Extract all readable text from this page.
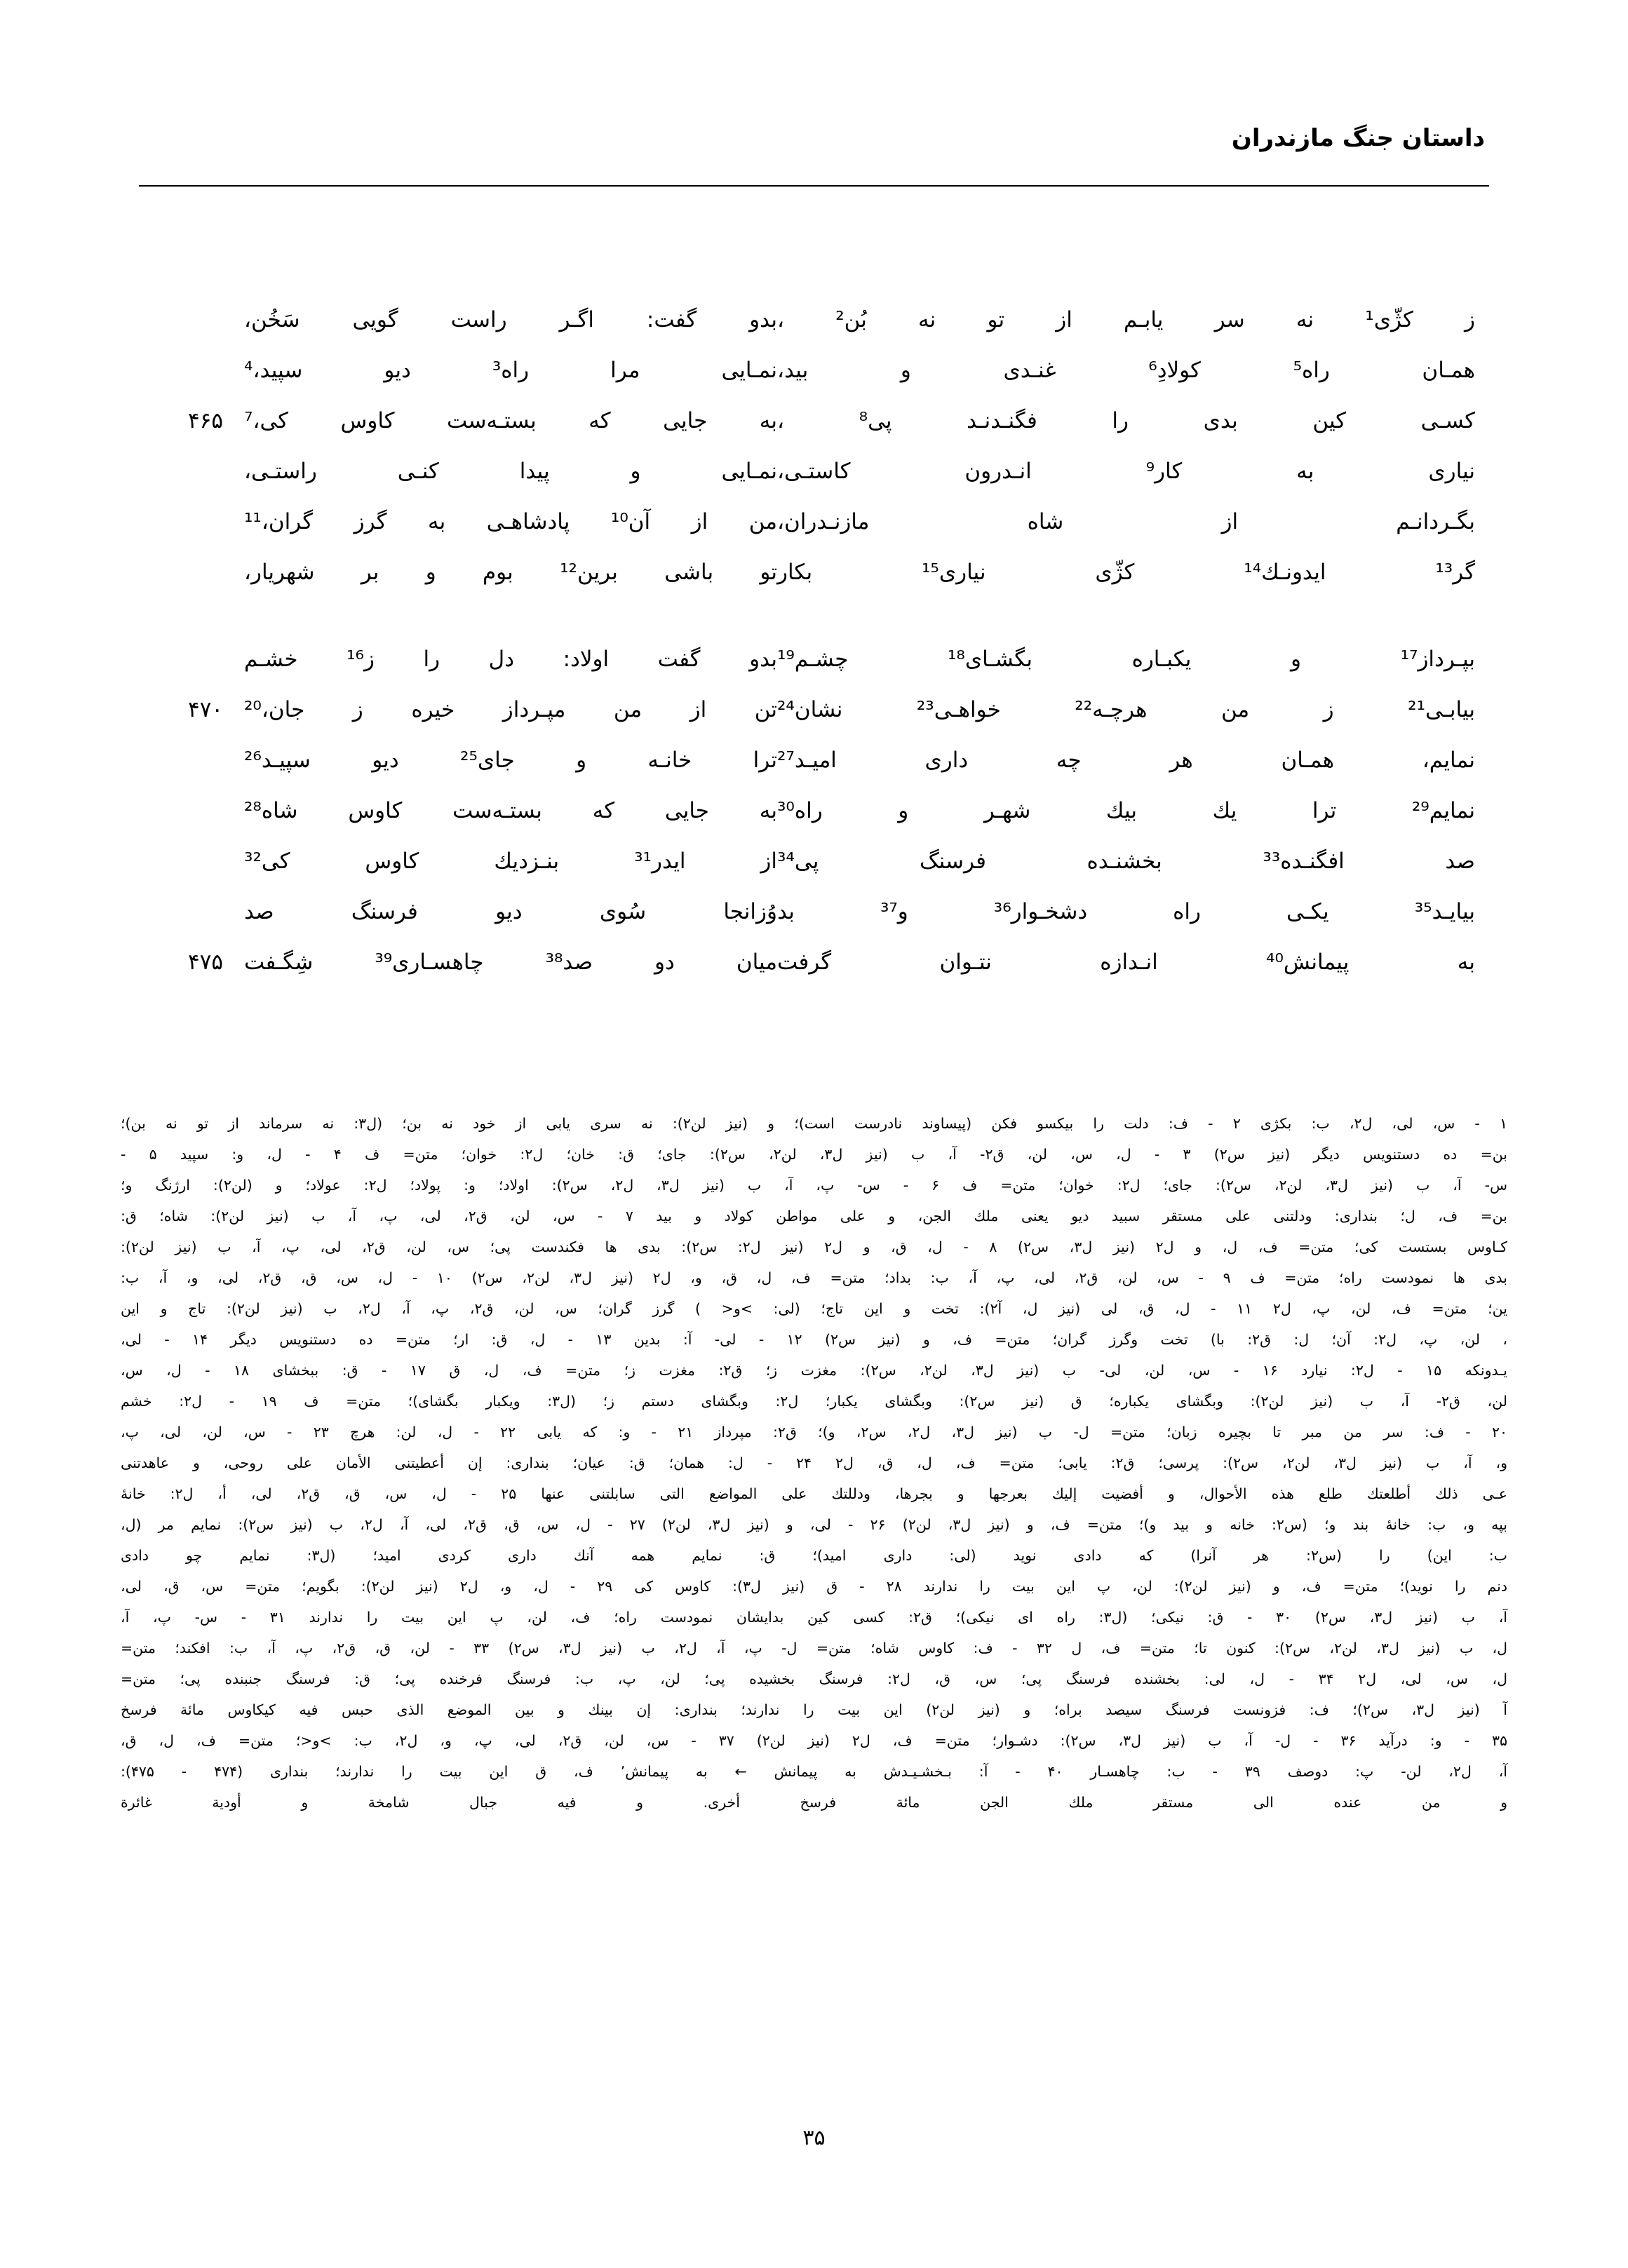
داستان جنگ مازندران
ز کژّی¹ نه سر یابـم از تو نه بُن² ،
بدو گفت: اگـر راست گویی سَخُن،
همـان راه⁵ کولادِ⁶ غنـدی و بید،
نمـایی مرا راه³ دیو سپید،⁴
کسـی کین بدی را فگنـدنـد پی⁸ ،
به جایی که بستـه‌ست کاوس کی،⁷
۴۶۵
نیاری به کار⁹ انـدرون کاستـی،
نمـایی و پیدا کنـی راستـی،
بگـردانـم از شاه مازنـدران،
من از آن¹⁰ پادشاهـی به گرز گران،¹¹
گر¹³ ایدونـك¹⁴ کژّی نیاری¹⁵ بکار
تو باشی برین¹² بوم و بر شهریار،
بپـرداز¹⁷ و یکبـاره بگشـای¹⁸ چشـم¹⁹
بدو گفت اولاد: دل را ز¹⁶ خشـم
بیابـی²¹ ز من هرچـه²² خواهـی²³ نشان²⁴
تن از من مپـرداز خیره ز جان،²⁰
۴۷۰
نمایم، همـان هر چه داری امیـد²⁷
ترا خانـه و جای²⁵ دیو سپیـد²⁶
نمایم²⁹ ترا یك بیك شهـر و راه³⁰
به جایی که بستـه‌ست کاوس شاه²⁸
صد افگنـده³³ بخشنـده فرسنگ پی³⁴
از ایدر³¹ بنـزدیك کاوس کی³²
بیایـد³⁵ یکـی راه دشخـوار³⁶ و³⁷ بد
وُزانجا سُوی دیو فرسنگ صد
به پیمانش⁴⁰ انـدازه نتـوان گرفت
میان دو صد³⁸ چاهسـاری³⁹ شِگـفت
۴۷۵

۱ - س، لی، ل٢، ب: بکژی ۲ - ف: دلت را بیکسو فکن (پیساوند نادرست است)؛ و (نیز لن٢): نه سری یابی از خود نه بن؛ (ل٣: نه سرماند از تو نه بن)؛

بن= ده دستنویس دیگر (نیز س٢) ۳ - ل، س، لن، ق٢- آ، ب (نیز ل٣، لن٢، س٢): جای؛ ق: خان؛ ل٢: خوان؛ متن= ف ۴ - ل، و: سپید ۵ -

س- آ، ب (نیز ل٣، لن٢، س٢): جای؛ ل٢: خوان؛ متن= ف ۶ - س- پ، آ، ب (نیز ل٣، ل٢، س٢): اولاد؛ و: پولاد؛ ل٢: عولاد؛ و (لن٢): ارژنگ و؛

بن= ف، ل؛ بنداری: ودلتنی علی مستقر سبید دیو یعنی ملك الجن، و علی مواطن کولاد و بید ۷ - س، لن، ق٢، لی، پ، آ، ب (نیز لن٢): شاه؛ ق:

کـاوس بستست کی؛ متن= ف، ل، و ل٢ (نیز ل٣، س٢) ۸ - ل، ق، و ل٢ (نیز ل٢: س٢): بدی ها فکندست پی؛ س، لن، ق٢، لی، پ، آ، ب (نیز لن٢):

بدی ها نمودست راه؛ متن= ف ۹ - س، لن، ق٢، لی، پ، آ، ب: بداد؛ متن= ف، ل، ق، و، ل٢ (نیز ل٣، لن٢، س٢) ۱۰ - ل، س، ق، ق٢، لی، و، آ، ب:

ین؛ متن= ف، لن، پ، ل٢ ۱۱ - ل، ق، لی (نیز ل، آ٢): تخت و این تاج؛ (لی: >و< ) گرز گران؛ س، لن، ق٢، پ، آ، ل٢، ب (نیز لن٢): تاج و این

، لن، پ، ل٢: آن؛ ل: ق٢: با) تخت وگرز گران؛ متن= ف، و (نیز س٢) ۱۲ - لی- آ: بدین ۱۳ - ل، ق: ار؛ متن= ده دستنویس دیگر ۱۴ - لی،

یـدونکه ۱۵ - ل٢: نیارد ۱۶ - س، لن، لی- ب (نیز ل٣، لن٢، س٢): مغزت ز؛ ق٢: مغزت ز؛ متن= ف، ل، ق ۱۷ - ق: ببخشای ۱۸ - ل، س،

لن، ق٢- آ، ب (نیز لن٢): وبگشای یکباره؛ ق (نیز س٢): وبگشای یکبار؛ ل٢: وبگشای دستم ز؛ (ل٣: ویکبار بگشای)؛ متن= ف ۱۹ - ل٢: خشم

۲۰ - ف: سر من مبر تا بچیره زبان؛ متن= ل- ب (نیز ل٣، ل٢، س٢، و)؛ ق٢: مپرداز ۲۱ - و: که یابی ۲۲ - ل، لن: هرچ ۲۳ - س، لن، لی، پ،

و، آ، ب (نیز ل٣، لن٢، س٢): پرسی؛ ق٢: یابی؛ متن= ف، ل، ق، ل٢ ۲۴ - ل: همان؛ ق: عیان؛ بنداری: إن أعطیتنی الأمان علی روحی، و عاهدتنی

عـی ذلك أطلعتك طلع هذه الأحوال، و أفضیت إلیك بعرجها و بجرها، ودللتك علی المواضع التی سابلتنی عنها ۲۵ - ل، س، ق، ق٢، لی، أ، ل٢: خانهٔ

بپه و، ب: خانهٔ بند و؛ (س٢: خانه و بید و)؛ متن= ف، و (نیز ل٣، لن٢) ۲۶ - لی، و (نیز ل٣، لن٢) ۲۷ - ل، س، ق، ق٢، لی، آ، ل٢، ب (نیز س٢): نمایم مر (ل،

ب: این) را (س٢: هر آنرا) که دادی نوید (لی: داری امید)؛ ق: نمایم همه آنك داری کردی امید؛ (ل٣: نمایم چو دادی

دنم را نوید)؛ متن= ف، و (نیز لن٢): لن، پ این بیت را ندارند ۲۸ - ق (نیز ل٣): کاوس کی ۲۹ - ل، و، ل٢ (نیز لن٢): بگویم؛ متن= س، ق، لی،

آ، ب (نیز ل٣، س٢) ۳۰ - ق: نیکی؛ (ل٣: راه ای نیکی)؛ ق٢: کسی کین بدایشان نمودست راه؛ ف، لن، پ این بیت را ندارند ۳۱ - س- پ، آ،

ل، ب (نیز ل٣، لن٢، س٢): کنون تا؛ متن= ف، ل ۳۲ - ف: کاوس شاه؛ متن= ل- پ، آ، ل٢، ب (نیز ل٣، س٢) ۳۳ - لن، ق، ق٢، پ، آ، ب: افکند؛ متن=

ل، س، لی، ل٢ ۳۴ - ل، لی: بخشنده فرسنگ پی؛ س، ق، ل٢: فرسنگ بخشیده پی؛ لن، پ، ب: فرسنگ فرخنده پی؛ ق: فرسنگ جنبنده پی؛ متن=

آ (نیز ل٣، س٢)؛ ف: فزونست فرسنگ سیصد براه؛ و (نیز لن٢) این بیت را ندارند؛ بنداری: إن بینك و بین الموضع الذی حبس فیه کیکاوس مائة فرسخ

۳۵ - و: درآید ۳۶ - ل- آ، ب (نیز ل٣، س٢): دشـوار؛ متن= ف، ل٢ (نیز لن٢) ۳۷ - س، لن، ق٢، لی، پ، و، ل٢، ب: >و<؛ متن= ف، ل، ق،

آ، ل٢، لن- پ: دوصف ۳۹ - ب: چاهسـار ۴۰ - آ: بـخشـیـدش به پیمانش ← به پیمانش٬ ف، ق این بیت را ندارند؛ بنداری (۴۷۴ - ۴۷۵):

و من عنده الی مستقر ملك الجن مائة فرسخ أخری. و فیه جبال شامخة و أودیة غائرة

۳۵
